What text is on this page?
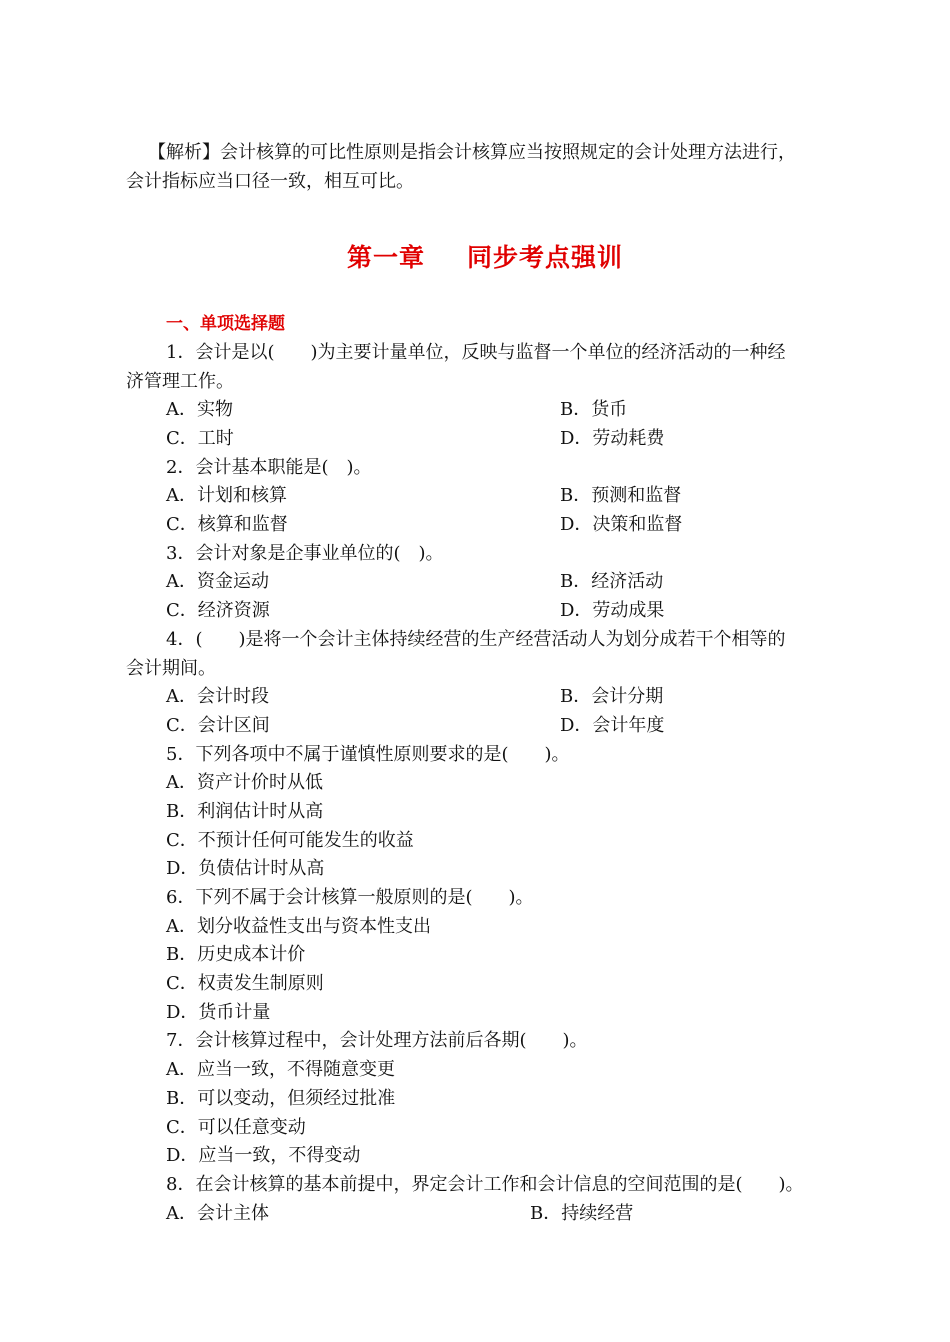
【解析】会计核算的可比性原则是指会计核算应当按照规定的会计处理方法进行，
会计指标应当口径一致，相互可比。
第一章 同步考点强训
一、单项选择题
1．会计是以(　　)为主要计量单位，反映与监督一个单位的经济活动的一种经
济管理工作。
A．实物	B．货币
C．工时	D．劳动耗费
2．会计基本职能是(　)。
A．计划和核算	B．预测和监督
C．核算和监督	D．决策和监督
3．会计对象是企事业单位的(　)。
A．资金运动	B．经济活动
C．经济资源	D．劳动成果
4．(　　)是将一个会计主体持续经营的生产经营活动人为划分成若干个相等的
会计期间。
A．会计时段	B．会计分期
C．会计区间	D．会计年度
5．下列各项中不属于谨慎性原则要求的是(　　)。
A．资产计价时从低
B．利润估计时从高
C．不预计任何可能发生的收益
D．负债估计时从高
6．下列不属于会计核算一般原则的是(　　)。
A．划分收益性支出与资本性支出
B．历史成本计价
C．权责发生制原则
D．货币计量
7．会计核算过程中，会计处理方法前后各期(　　)。
A．应当一致，不得随意变更
B．可以变动，但须经过批准
C．可以任意变动
D．应当一致，不得变动
8．在会计核算的基本前提中，界定会计工作和会计信息的空间范围的是(　　)。
A．会计主体	B．持续经营
